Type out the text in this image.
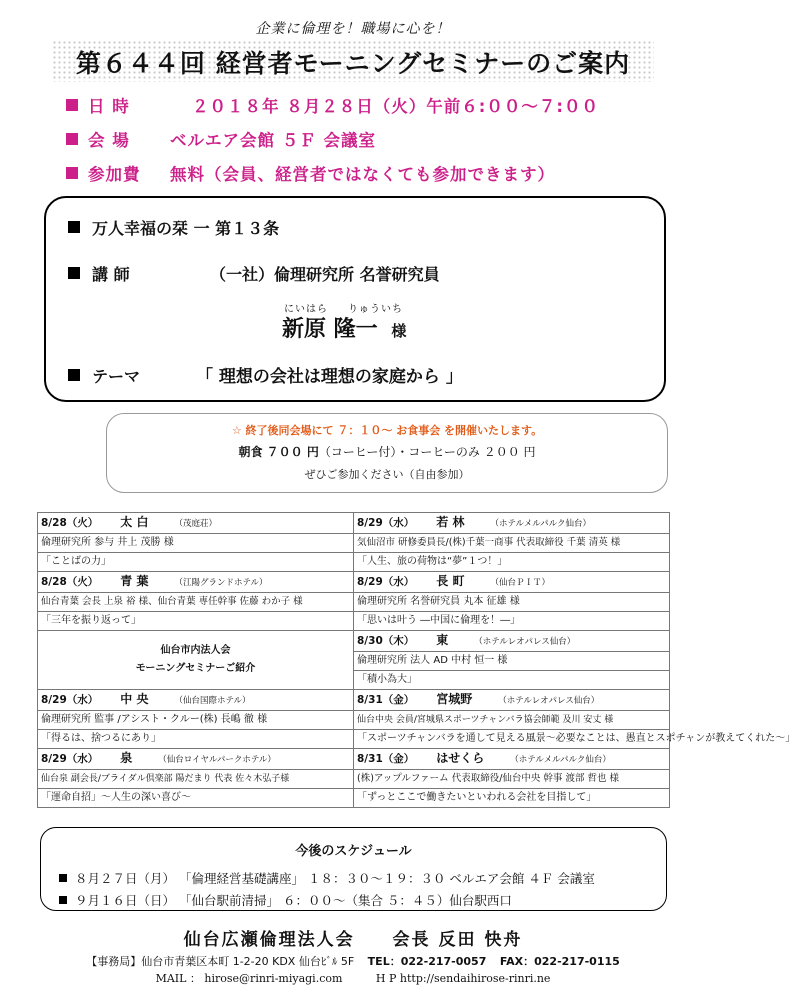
企業に倫理を！職場に心を！
第６４４回 経営者モーニングセミナーのご案内
日 時	２０１８年 ８月２８日（火）午前６:００～７:００
会 場 ベルエア会館 ５Ｆ 会議室
参加費 無料（会員、経営者ではなくても参加できます）
万人幸福の栞 一 第１３条
講 師	（一社）倫理研究所 名誉研究員
にいはら りゅういち
新原 隆一 様
テーマ	「 理想の会社は理想の家庭から 」
☆ 終了後同会場にて ７：１０～ お食事会 を開催いたします。
朝食 ７００ 円（コーヒー付）・コーヒーのみ ２００ 円
ぜひご参加ください（自由参加）
8/28（火） 太 白 （茂庭荘）	8/29（水） 若 林 （ホテルメルパルク仙台）
倫理研究所 参与 井上 茂勝 様	気仙沼市 研修委員長/(株)千葉一商事 代表取締役 千葉 清英 様
「ことばの力」	「人生、旅の荷物は“夢”１つ！」
8/28（火） 青 葉 （江陽グランドホテル）	8/29（水） 長 町 （仙台ＰＩＴ）
仙台青葉 会長 上泉 裕 様、仙台青葉 専任幹事 佐藤 わか子 様	倫理研究所 名誉研究員 丸本 征雄 様
「三年を振り返って」	「思いは叶う ―中国に倫理を！―」

仙台市内法人会
モーニングセミナーご紹介	8/30（木） 東 （ホテルレオパレス仙台）
	倫理研究所 法人 AD 中村 恒一 様
	「積小為大」
8/29（水） 中 央 （仙台国際ホテル）	8/31（金） 宮城野 （ホテルレオパレス仙台）
倫理研究所 監事 /アシスト・クルー(株) 長嶋 徹 様	仙台中央 会員/宮城県スポーツチャンバラ協会師範 及川 安丈 様
「得るは、捨つるにあり」	「スポーツチャンバラを通して見える風景～必要なことは、愚直とスポチャンが教えてくれた～」
8/29（水） 泉 （仙台ロイヤルパークホテル）	8/31（金） はせくら （ホテルメルパルク仙台）
仙台泉 副会長/ブライダル倶楽部 陽だまり 代表 佐々木弘子様	(株)アップルファーム 代表取締役/仙台中央 幹事 渡部 哲也 様
「運命自招」～人生の深い喜び～	「ずっとここで働きたいといわれる会社を目指して」
今後のスケジュール
８月２７日（月） 「倫理経営基礎講座」 １８：３０～１９：３０ ベルエア会館 ４Ｆ 会議室
９月１６日（日） 「仙台駅前清掃」 ６：００～（集合 ５：４５）仙台駅西口
仙台広瀬倫理法人会 会長 反田 快舟
【事務局】仙台市青葉区本町 1-2-20 KDX 仙台ﾋﾞﾙ 5F TEL：022-217-0057 FAX：022-217-0115
MAIL ： hirose@rinri-miyagi.com	H P http://sendaihirose-rinri.ne
